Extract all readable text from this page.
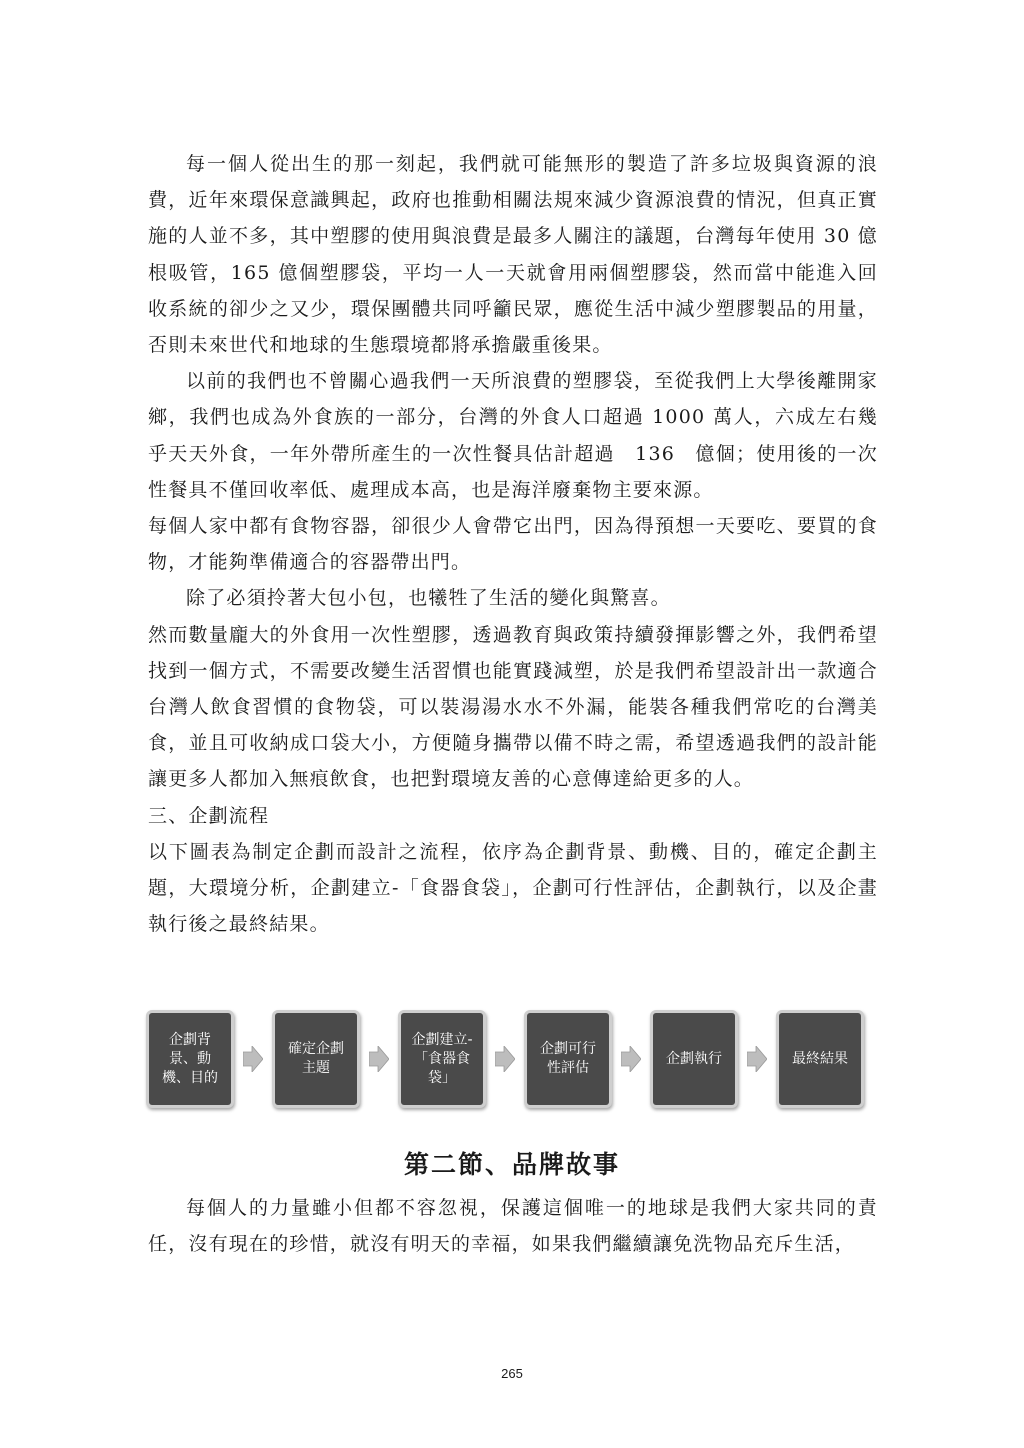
每一個人從出生的那一刻起，我們就可能無形的製造了許多垃圾與資源的浪費，近年來環保意識興起，政府也推動相關法規來減少資源浪費的情況，但真正實施的人並不多，其中塑膠的使用與浪費是最多人關注的議題，台灣每年使用 30 億根吸管，165 億個塑膠袋，平均一人一天就會用兩個塑膠袋，然而當中能進入回收系統的卻少之又少，環保團體共同呼籲民眾，應從生活中減少塑膠製品的用量，否則未來世代和地球的生態環境都將承擔嚴重後果。

以前的我們也不曾關心過我們一天所浪費的塑膠袋，至從我們上大學後離開家鄉，我們也成為外食族的一部分，台灣的外食人口超過 1000 萬人，六成左右幾乎天天外食，一年外帶所產生的一次性餐具估計超過　136　億個；使用後的一次性餐具不僅回收率低、處理成本高，也是海洋廢棄物主要來源。

每個人家中都有食物容器，卻很少人會帶它出門，因為得預想一天要吃、要買的食物，才能夠準備適合的容器帶出門。

除了必須拎著大包小包，也犧牲了生活的變化與驚喜。

然而數量龐大的外食用一次性塑膠，透過教育與政策持續發揮影響之外，我們希望找到一個方式，不需要改變生活習慣也能實踐減塑，於是我們希望設計出一款適合台灣人飲食習慣的食物袋，可以裝湯湯水水不外漏，能裝各種我們常吃的台灣美食，並且可收納成口袋大小，方便隨身攜帶以備不時之需，希望透過我們的設計能讓更多人都加入無痕飲食，也把對環境友善的心意傳達給更多的人。

三、企劃流程

以下圖表為制定企劃而設計之流程，依序為企劃背景、動機、目的，確定企劃主題，大環境分析，企劃建立-「食器食袋」，企劃可行性評估，企劃執行，以及企畫執行後之最終結果。

企劃背
景、動
機、目的
確定企劃
主題
企劃建立-
「食器食
袋」
企劃可行
性評估
企劃執行	最終結果
第二節、品牌故事

每個人的力量雖小但都不容忽視，保護這個唯一的地球是我們大家共同的責任，沒有現在的珍惜，就沒有明天的幸福，如果我們繼續讓免洗物品充斥生活，

265
